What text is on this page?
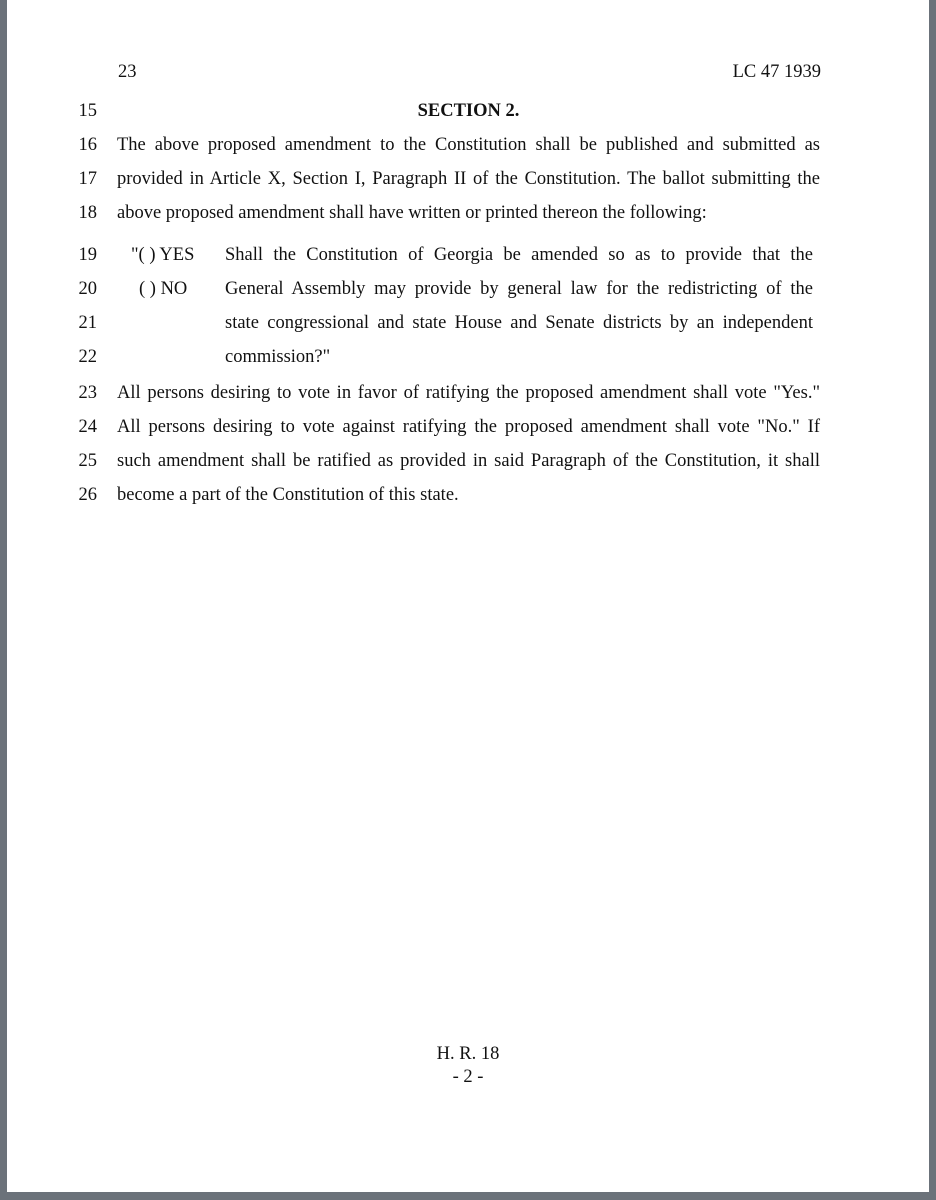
23	LC 47 1939
15	SECTION 2.
16 The above proposed amendment to the Constitution shall be published and submitted as
17 provided in Article X, Section I, Paragraph II of the Constitution. The ballot submitting the
18 above proposed amendment shall have written or printed thereon the following:
19 "( ) YES Shall the Constitution of Georgia be amended so as to provide that the
20 ( ) NO General Assembly may provide by general law for the redistricting of the
21	state congressional and state House and Senate districts by an independent
22	commission?"
23 All persons desiring to vote in favor of ratifying the proposed amendment shall vote "Yes."
24 All persons desiring to vote against ratifying the proposed amendment shall vote "No." If
25 such amendment shall be ratified as provided in said Paragraph of the Constitution, it shall
26 become a part of the Constitution of this state.
H. R. 18
- 2 -
